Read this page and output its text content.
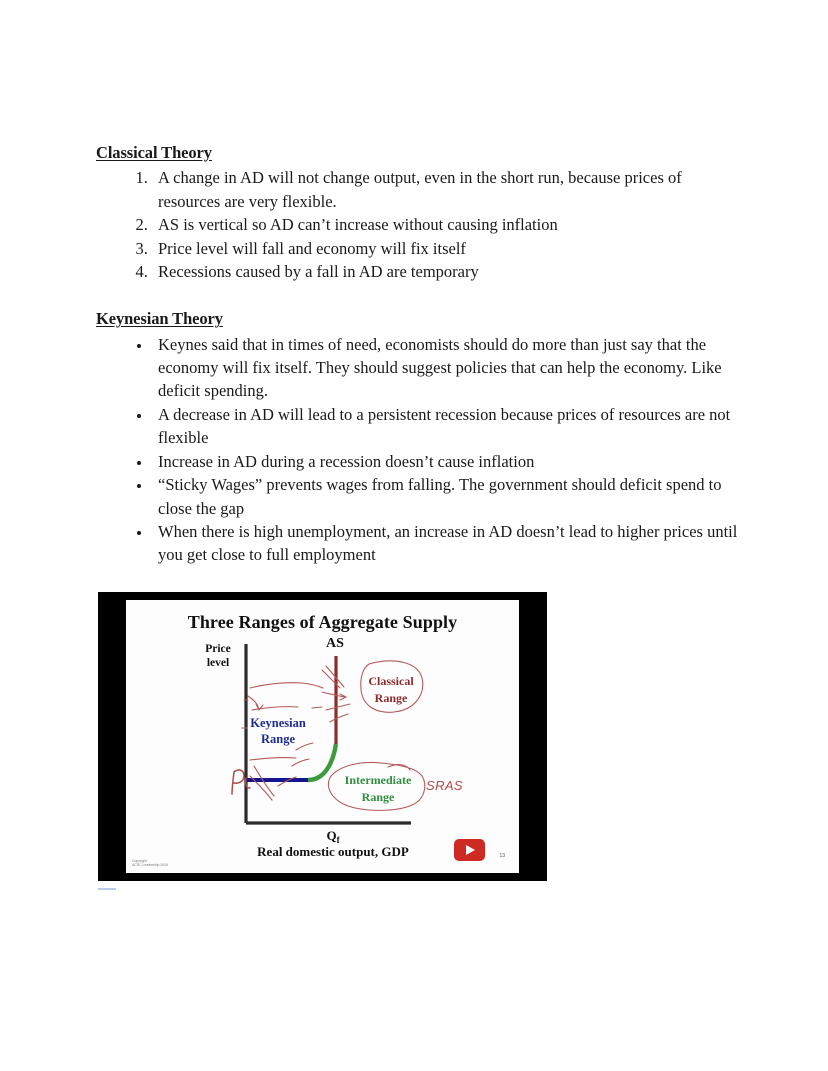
Classical Theory
1. A change in AD will not change output, even in the short run, because prices of resources are very flexible.
2. AS is vertical so AD can’t increase without causing inflation
3. Price level will fall and economy will fix itself
4. Recessions caused by a fall in AD are temporary
Keynesian Theory
• Keynes said that in times of need, economists should do more than just say that the economy will fix itself. They should suggest policies that can help the economy. Like deficit spending.
• A decrease in AD will lead to a persistent recession because prices of resources are not flexible
• Increase in AD during a recession doesn’t cause inflation
• “Sticky Wages” prevents wages from falling. The government should deficit spend to close the gap
• When there is high unemployment, an increase in AD doesn’t lead to higher prices until you get close to full employment
Three Ranges of Aggregate Supply
SRAS
Price
level
AS
Keynesian
Range
Classical
Range
Intermediate
Range
$Q_f$
Real domestic output, GDP
Copyright
ACDC Leadership 2015
13
